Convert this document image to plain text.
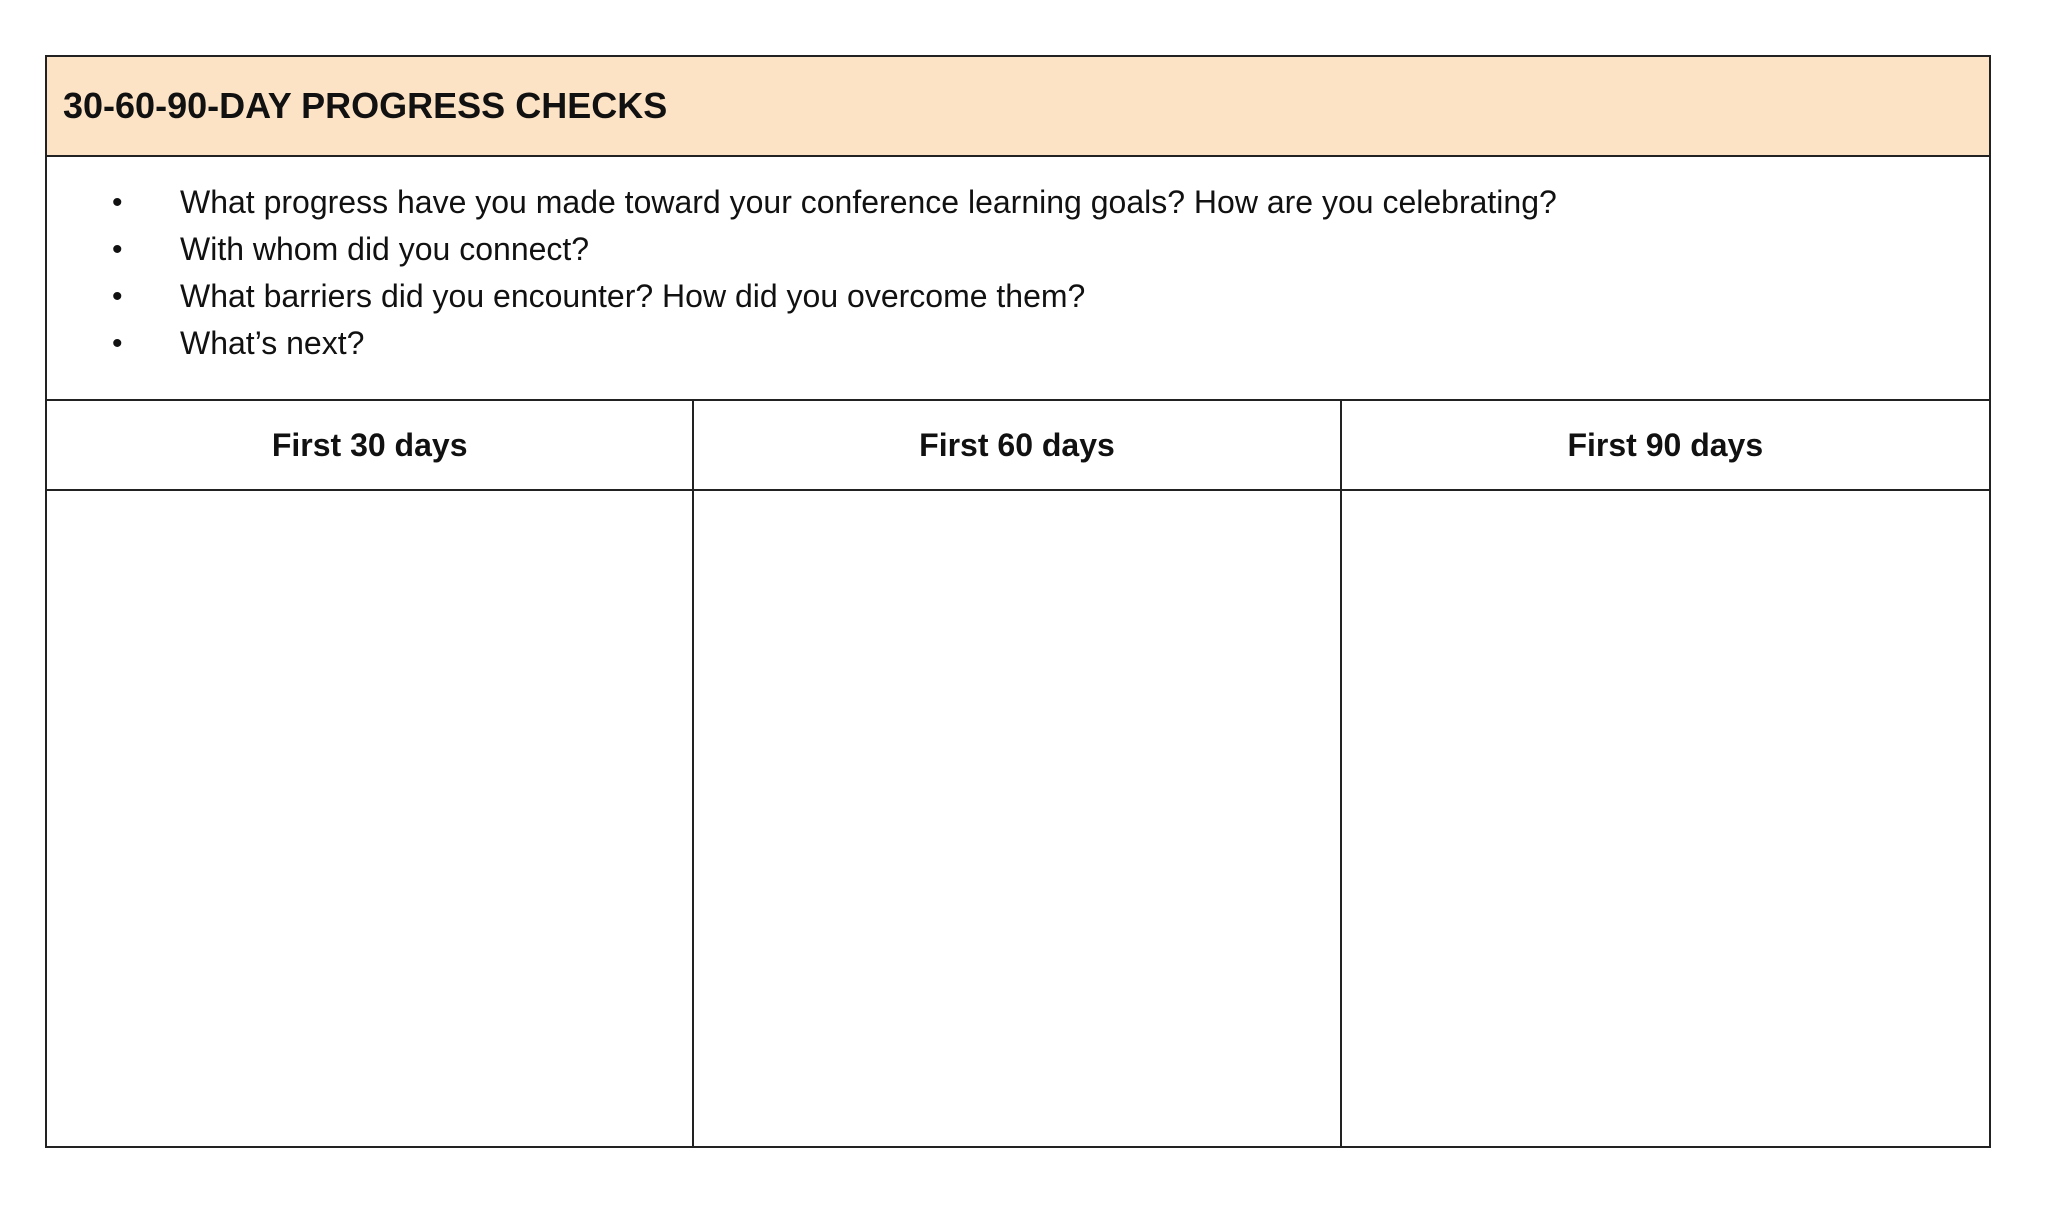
30-60-90-DAY PROGRESS CHECKS
• What progress have you made toward your conference learning goals? How are you celebrating?
• With whom did you connect?
• What barriers did you encounter? How did you overcome them?
• What’s next?
First 30 days	First 60 days	First 90 days
